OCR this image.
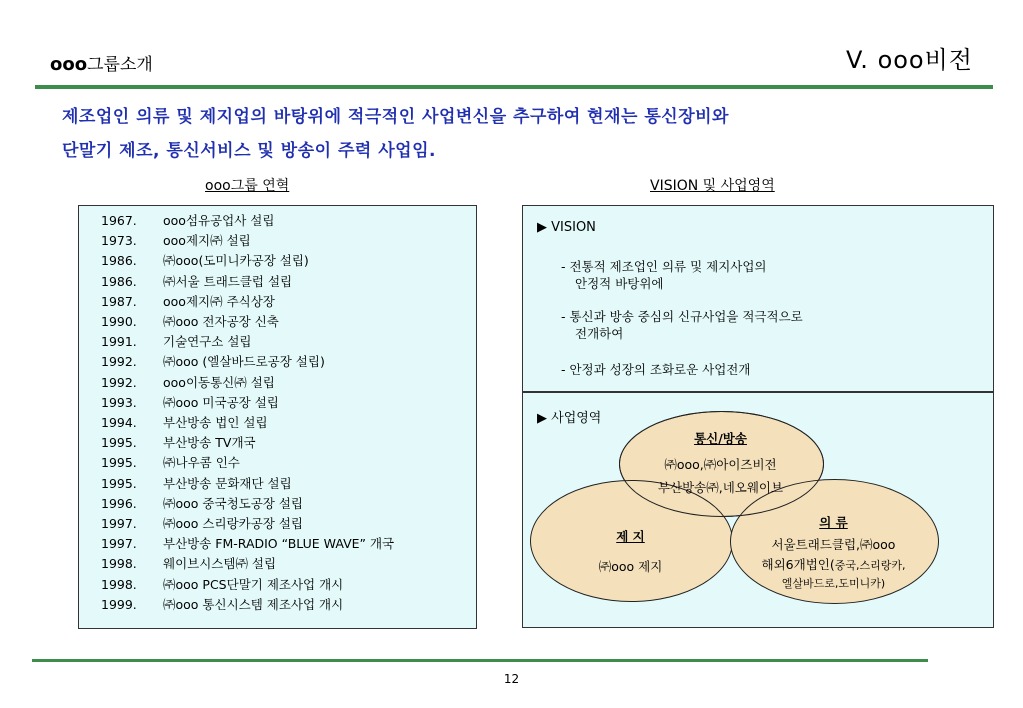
ooo그룹소개	V. ooo비전
제조업인 의류 및 제지업의 바탕위에 적극적인 사업변신을 추구하여 현재는 통신장비와
단말기 제조, 통신서비스 및 방송이 주력 사업임.
ooo그룹 연혁	VISION 및 사업영역
1967. ooo섬유공업사 설립
1973. ooo제지㈜ 설립
1986. ㈜ooo(도미니카공장 설립)
1986. ㈜서울 트래드클럽 설립
1987. ooo제지㈜ 주식상장
1990. ㈜ooo 전자공장 신축
1991. 기술연구소 설립
1992. ㈜ooo (엘살바드로공장 설립)
1992. ooo이동통신㈜ 설립
1993. ㈜ooo 미국공장 설립
1994. 부산방송 법인 설립
1995. 부산방송 TV개국
1995. ㈜나우콤 인수
1995. 부산방송 문화재단 설립
1996. ㈜ooo 중국청도공장 설립
1997. ㈜ooo 스리랑카공장 설립
1997. 부산방송 FM-RADIO “BLUE WAVE” 개국
1998. 웨이브시스템㈜ 설립
1998. ㈜ooo PCS단말기 제조사업 개시
1999. ㈜ooo 통신시스템 제조사업 개시
▶ VISION
- 전통적 제조업인 의류 및 제지사업의
안정적 바탕위에
- 통신과 방송 중심의 신규사업을 적극적으로
전개하여
- 안정과 성장의 조화로운 사업전개
▶ 사업영역
통신/방송
㈜ooo,㈜아이즈비전
부산방송㈜,네오웨이브
제 지
㈜ooo 제지
의 류
서울트래드클럽,㈜ooo
해외6개법인(중국,스리랑카,
엘살바드로,도미니카)
12
